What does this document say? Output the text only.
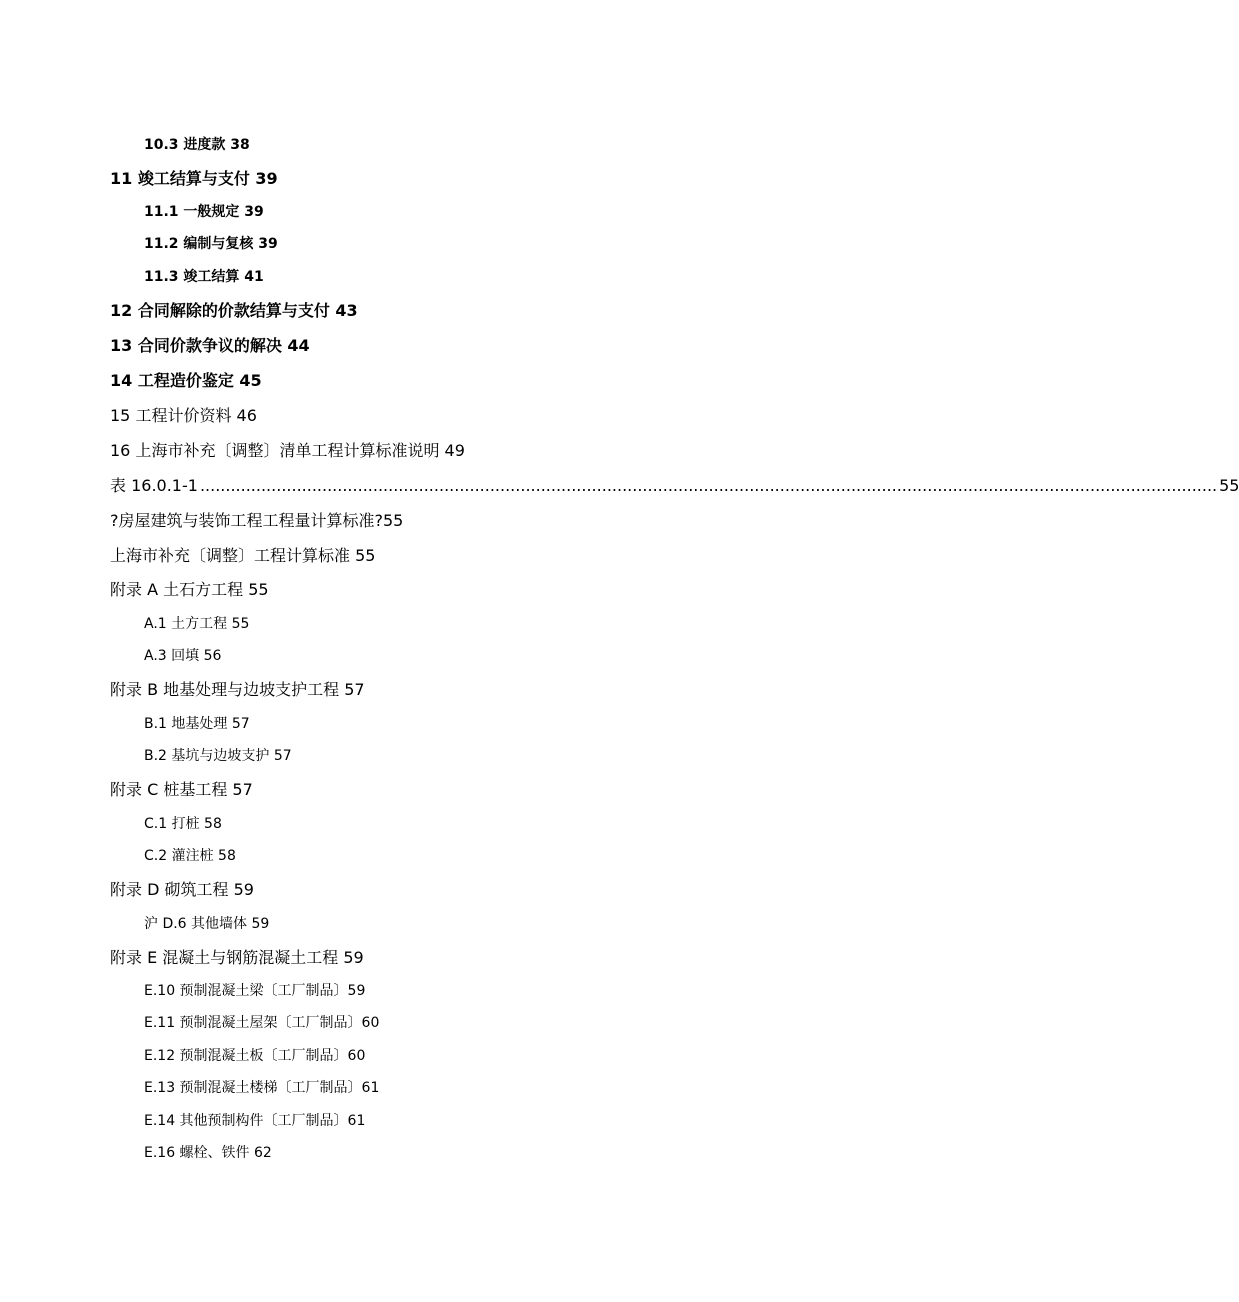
10.3 进度款 38
11 竣工结算与支付 39
11.1 一般规定 39
11.2 编制与复核 39
11.3 竣工结算 41
12 合同解除的价款结算与支付 43
13 合同价款争议的解决 44
14 工程造价鉴定 45
15 工程计价资料 46
16 上海市补充〔调整〕清单工程计算标准说明 49
表 16.0.1-1 ........................................................................................................................................................................................................ 55
?房屋建筑与装饰工程工程量计算标准?55
上海市补充〔调整〕工程计算标准 55
附录 A 土石方工程 55
A.1 土方工程 55
A.3 回填 56
附录 B 地基处理与边坡支护工程 57
B.1 地基处理 57
B.2 基坑与边坡支护 57
附录 C 桩基工程 57
C.1 打桩 58
C.2 灌注桩 58
附录 D 砌筑工程 59
沪 D.6 其他墙体 59
附录 E 混凝土与钢筋混凝土工程 59
E.10 预制混凝土梁〔工厂制品〕59
E.11 预制混凝土屋架〔工厂制品〕60
E.12 预制混凝土板〔工厂制品〕60
E.13 预制混凝土楼梯〔工厂制品〕61
E.14 其他预制构件〔工厂制品〕61
E.16 螺栓、铁件 62
